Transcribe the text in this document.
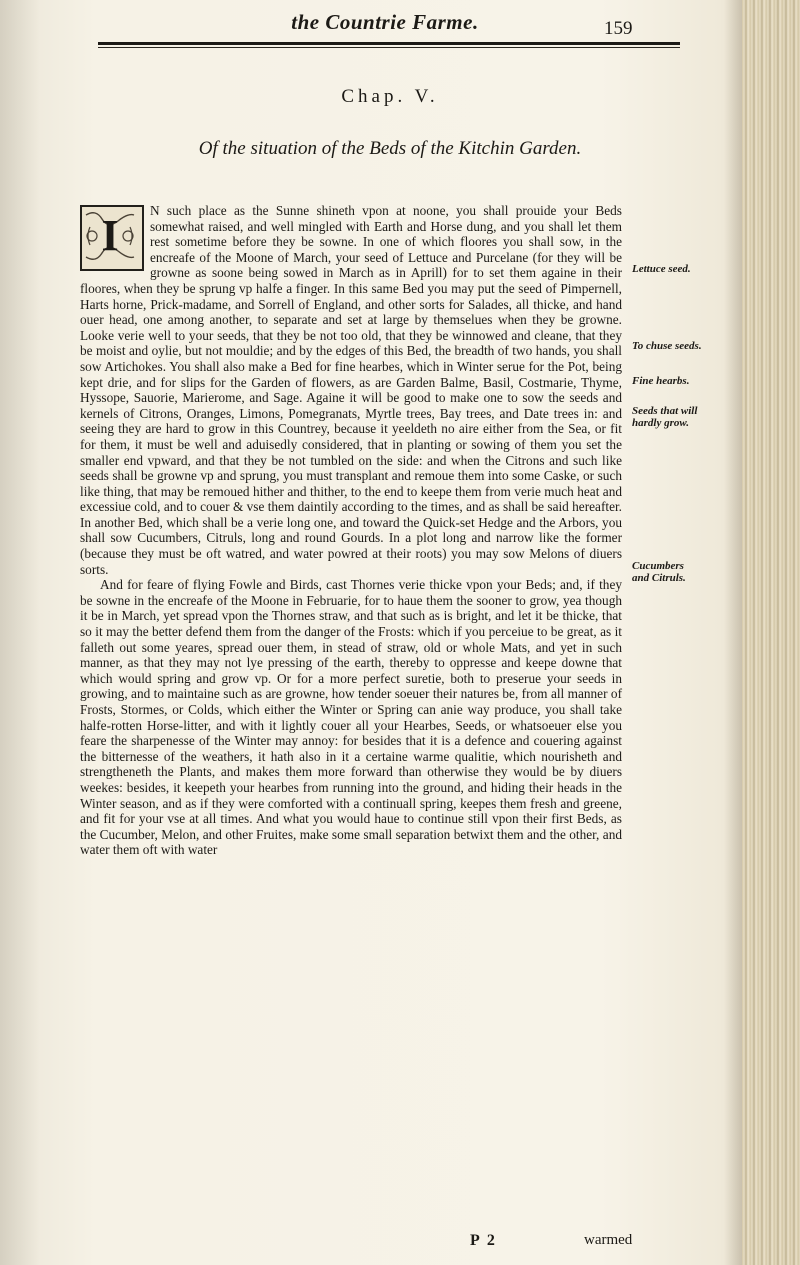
the Countrie Farme.	159
Chap. V.
Of the situation of the Beds of the Kitchin Garden.

I
N such place as the Sunne shineth vpon at noone, you shall prouide your Beds somewhat raised, and well mingled with Earth and Horse dung, and you shall let them rest sometime before they be sowne. In one of which floores you shall sow, in the encreafe of the Moone of March, your seed of Lettuce and Purcelane (for they will be growne as soone being sowed in March as in Aprill) for to set them againe in their floores, when they be sprung vp halfe a finger. In this same Bed you may put the seed of Pimpernell, Harts horne, Prick-madame, and Sorrell of England, and other sorts for Salades, all thicke, and hand ouer head, one among another, to separate and set at large by themselues when they be growne. Looke verie well to your seeds, that they be not too old, that they be winnowed and cleane, that they be moist and oylie, but not mouldie; and by the edges of this Bed, the breadth of two hands, you shall sow Artichokes. You shall also make a Bed for fine hearbes, which in Winter serue for the Pot, being kept drie, and for slips for the Garden of flowers, as are Garden Balme, Basil, Costmarie, Thyme, Hyssope, Sauorie, Marierome, and Sage. Againe it will be good to make one to sow the seeds and kernels of Citrons, Oranges, Limons, Pomegranats, Myrtle trees, Bay trees, and Date trees in: and seeing they are hard to grow in this Countrey, because it yeeldeth no aire either from the Sea, or fit for them, it must be well and aduisedly considered, that in planting or sowing of them you set the smaller end vpward, and that they be not tumbled on the side: and when the Citrons and such like seeds shall be growne vp and sprung, you must transplant and remoue them into some Caske, or such like thing, that may be remoued hither and thither, to the end to keepe them from verie much heat and excessiue cold, and to couer & vse them daintily according to the times, and as shall be said hereafter. In another Bed, which shall be a verie long one, and toward the Quick-set Hedge and the Arbors, you shall sow Cucumbers, Citruls, long and round Gourds. In a plot long and narrow like the former (because they must be oft watred, and water powred at their roots) you may sow Melons of diuers sorts.

And for feare of flying Fowle and Birds, cast Thornes verie thicke vpon your Beds; and, if they be sowne in the encreafe of the Moone in Februarie, for to haue them the sooner to grow, yea though it be in March, yet spread vpon the Thornes straw, and that such as is bright, and let it be thicke, that so it may the better defend them from the danger of the Frosts: which if you perceiue to be great, as it falleth out some yeares, spread ouer them, in stead of straw, old or whole Mats, and yet in such manner, as that they may not lye pressing of the earth, thereby to oppresse and keepe downe that which would spring and grow vp. Or for a more perfect suretie, both to preserue your seeds in growing, and to maintaine such as are growne, how tender soeuer their natures be, from all manner of Frosts, Stormes, or Colds, which either the Winter or Spring can anie way produce, you shall take halfe-rotten Horse-litter, and with it lightly couer all your Hearbes, Seeds, or whatsoeuer else you feare the sharpenesse of the Winter may annoy: for besides that it is a defence and couering against the bitternesse of the weathers, it hath also in it a certaine warme qualitie, which nourisheth and strengtheneth the Plants, and makes them more forward than otherwise they would be by diuers weekes: besides, it keepeth your hearbes from running into the ground, and hiding their heads in the Winter season, and as if they were comforted with a continuall spring, keepes them fresh and greene, and fit for your vse at all times. And what you would haue to continue still vpon their first Beds, as the Cucumber, Melon, and other Fruites, make some small separation betwixt them and the other, and water them oft with water

Lettuce seed.
To chuse seeds.
Fine hearbs.
Seeds that will hardly grow.
Cucumbers and Citruls.
P 2	warmed
